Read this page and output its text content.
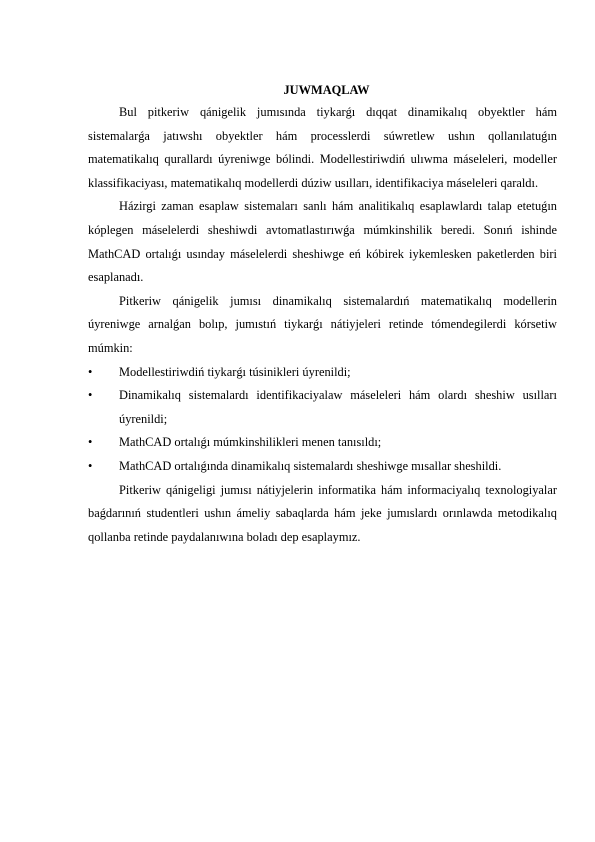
JUWMAQLAW

Bul pitkeriw qánigelik jumısında tiykarǵı dıqqat dinamikalıq obyektler hám sistemalarǵa jatıwshı obyektler hám processlerdi súwretlew ushın qollanılatuǵın matematikalıq qurallardı úyreniwge bólindi. Modellestiriwdiń ulıwma máseleleri, modeller klassifikaciyası, matematikalıq modellerdi dúziw usılları, identifikaciya máseleleri qaraldı.

Házirgi zaman esaplaw sistemaları sanlı hám analitikalıq esaplawlardı talap etetuǵın kóplegen máselelerdi sheshiwdi avtomatlastırıwǵa múmkinshilik beredi. Sonıń ishinde MathCAD ortalıǵı usınday máselelerdi sheshiwge eń kóbirek iykemlesken paketlerden biri esaplanadı.

Pitkeriw qánigelik jumısı dinamikalıq sistemalardıń matematikalıq modellerin úyreniwge arnalǵan bolıp, jumıstıń tiykarǵı nátiyjeleri retinde tómendegilerdi kórsetiw múmkin:

• Modellestiriwdiń tiykarǵı túsinikleri úyrenildi;

• Dinamikalıq sistemalardı identifikaciyalaw máseleleri hám olardı sheshiw usılları úyrenildi;

• MathCAD ortalıǵı múmkinshilikleri menen tanısıldı;

• MathCAD ortalıǵında dinamikalıq sistemalardı sheshiwge mısallar sheshildi.

Pitkeriw qánigeligi jumısı nátiyjelerin informatika hám informaciyalıq texnologiyalar baǵdarınıń studentleri ushın ámeliy sabaqlarda hám jeke jumıslardı orınlawda metodikalıq qollanba retinde paydalanıwına boladı dep esaplaymız.
